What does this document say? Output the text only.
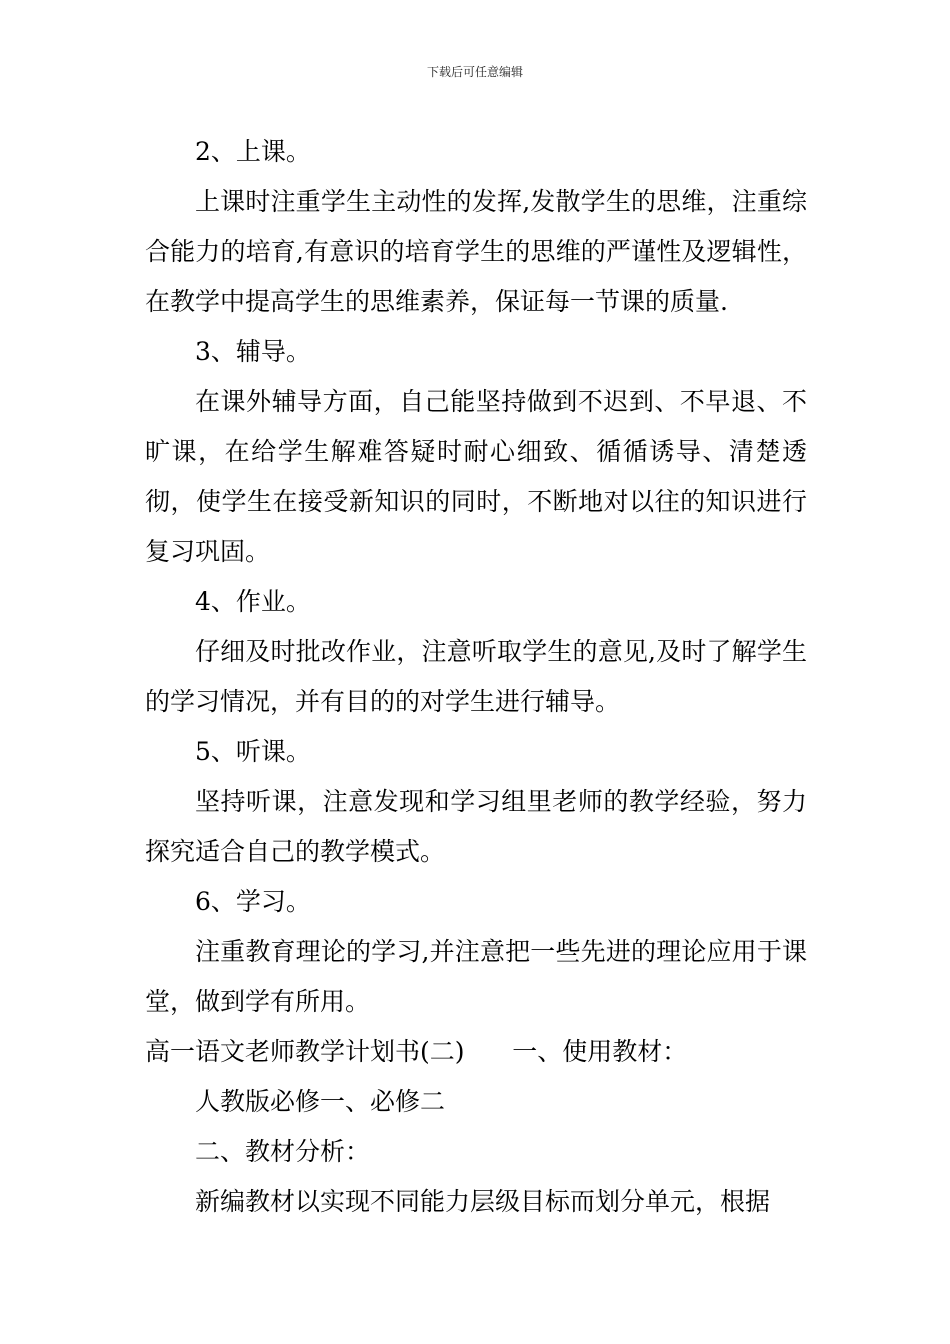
下载后可任意编辑

2、上课。

上课时注重学生主动性的发挥,发散学生的思维，注重综合能力的培育,有意识的培育学生的思维的严谨性及逻辑性，在教学中提高学生的思维素养，保证每一节课的质量.

3、辅导。

在课外辅导方面，自己能坚持做到不迟到、不早退、不旷课，在给学生解难答疑时耐心细致、循循诱导、清楚透彻，使学生在接受新知识的同时，不断地对以往的知识进行复习巩固。

4、作业。

仔细及时批改作业，注意听取学生的意见,及时了解学生的学习情况，并有目的的对学生进行辅导。

5、听课。

坚持听课，注意发现和学习组里老师的教学经验，努力探究适合自己的教学模式。

6、学习。

注重教育理论的学习,并注意把一些先进的理论应用于课堂，做到学有所用。

高一语文老师教学计划书(二)      一、使用教材：

人教版必修一、必修二

二、教材分析：

新编教材以实现不同能力层级目标而划分单元，根据
